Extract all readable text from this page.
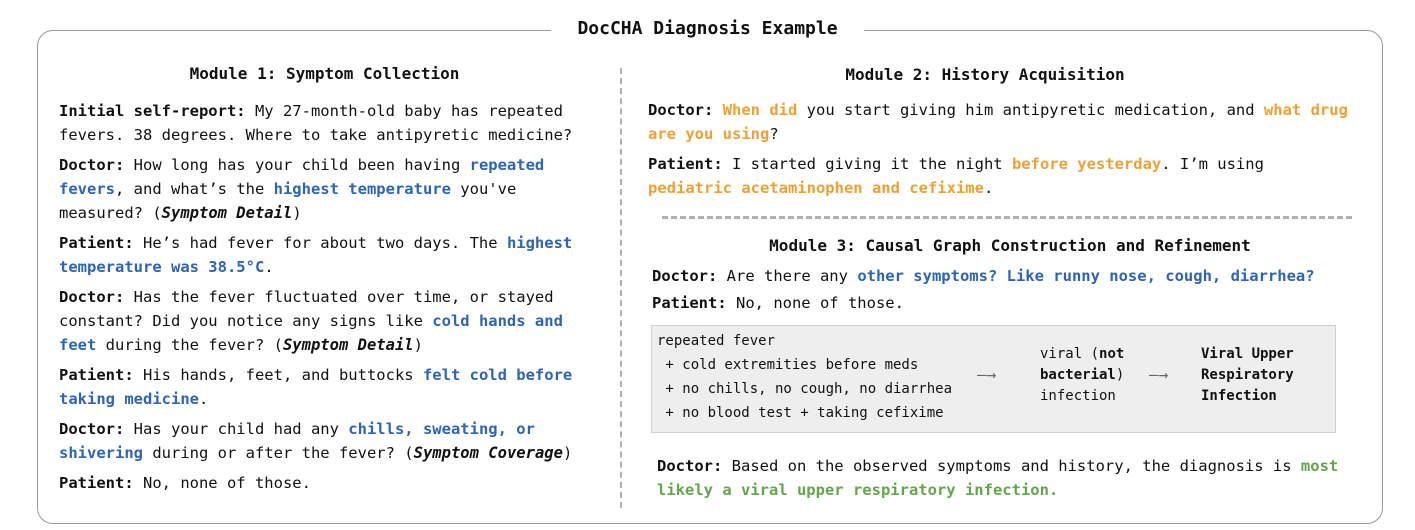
DocCHA Diagnosis Example
Module 1: Symptom Collection

Initial self-report: My 27-month-old baby has repeated fevers. 38 degrees. Where to take antipyretic medicine?

Doctor: How long has your child been having repeated fevers, and what’s the highest temperature you've measured? (Symptom Detail)

Patient: He’s had fever for about two days. The highest temperature was 38.5°C.

Doctor: Has the fever fluctuated over time, or stayed constant? Did you notice any signs like cold hands and feet during the fever? (Symptom Detail)

Patient: His hands, feet, and buttocks felt cold before taking medicine.

Doctor: Has your child had any chills, sweating, or shivering during or after the fever? (Symptom Coverage)

Patient: No, none of those.

Module 2: History Acquisition

Doctor: When did you start giving him antipyretic medication, and what drug are you using?

Patient: I started giving it the night before yesterday. I’m using pediatric acetaminophen and cefixime.

Module 3: Causal Graph Construction and Refinement

Doctor: Are there any other symptoms? Like runny nose, cough, diarrhea?

Patient: No, none of those.

repeated fever
+ cold extremities before meds
+ no chills, no cough, no diarrhea
+ no blood test + taking cefixime
—→
viral (not
bacterial)
infection
—→
Viral Upper
Respiratory
Infection

Doctor: Based on the observed symptoms and history, the diagnosis is most likely a viral upper respiratory infection.
